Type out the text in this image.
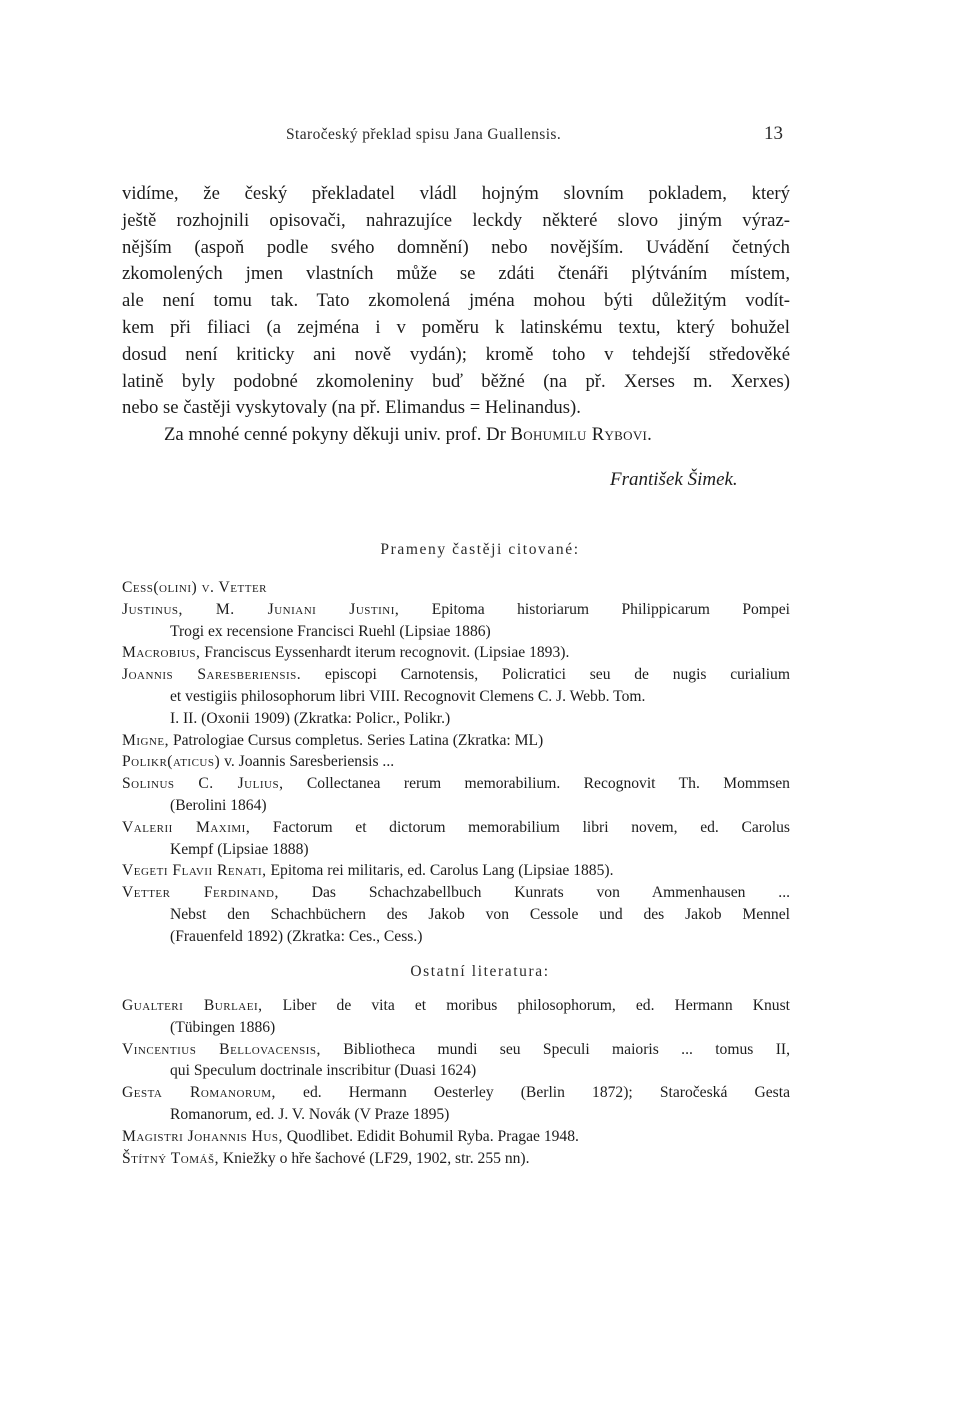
Staročeský překlad spisu Jana Guallensis.	13
vidíme, že český překladatel vládl hojným slovním pokladem, který
ještě rozhojnili opisovači, nahrazujíce leckdy některé slovo jiným výraz-
nějším (aspoň podle svého domnění) nebo novějším. Uvádění četných
zkomolených jmen vlastních může se zdáti čtenáři plýtváním místem,
ale není tomu tak. Tato zkomolená jména mohou býti důležitým vodít-
kem při filiaci (a zejména i v poměru k latinskému textu, který bohužel
dosud není kriticky ani nově vydán); kromě toho v tehdejší středověké
latině byly podobné zkomoleniny buď běžné (na př. Xerses m. Xerxes)
nebo se častěji vyskytovaly (na př. Elimandus = Helinandus).
Za mnohé cenné pokyny děkuji univ. prof. Dr Bohumilu Rybovi.
František Šimek.
Prameny častěji citované:
Cess(olini) v. Vetter
Justinus, M. Juniani Justini, Epitoma historiarum Philippicarum Pompei
Trogi ex recensione Francisci Ruehl (Lipsiae 1886)
Macrobius, Franciscus Eyssenhardt iterum recognovit. (Lipsiae 1893).
Joannis Saresberiensis. episcopi Carnotensis, Policratici seu de nugis curialium
et vestigiis philosophorum libri VIII. Recognovit Clemens C. J. Webb. Tom.
I. II. (Oxonii 1909) (Zkratka: Policr., Polikr.)
Migne, Patrologiae Cursus completus. Series Latina (Zkratka: ML)
Polikr(aticus) v. Joannis Saresberiensis ...
Solinus C. Julius, Collectanea rerum memorabilium. Recognovit Th. Mommsen
(Berolini 1864)
Valerii Maximi, Factorum et dictorum memorabilium libri novem, ed. Carolus
Kempf (Lipsiae 1888)
Vegeti Flavii Renati, Epitoma rei militaris, ed. Carolus Lang (Lipsiae 1885).
Vetter Ferdinand, Das Schachzabellbuch Kunrats von Ammenhausen ...
Nebst den Schachbüchern des Jakob von Cessole und des Jakob Mennel
(Frauenfeld 1892) (Zkratka: Ces., Cess.)
Ostatní literatura:
Gualteri Burlaei, Liber de vita et moribus philosophorum, ed. Hermann Knust
(Tübingen 1886)
Vincentius Bellovacensis, Bibliotheca mundi seu Speculi maioris ... tomus II,
qui Speculum doctrinale inscribitur (Duasi 1624)
Gesta Romanorum, ed. Hermann Oesterley (Berlin 1872); Staročeská Gesta
Romanorum, ed. J. V. Novák (V Praze 1895)
Magistri Johannis Hus, Quodlibet. Edidit Bohumil Ryba. Pragae 1948.
Štítný Tomáš, Kniežky o hře šachové (LF29, 1902, str. 255 nn).
